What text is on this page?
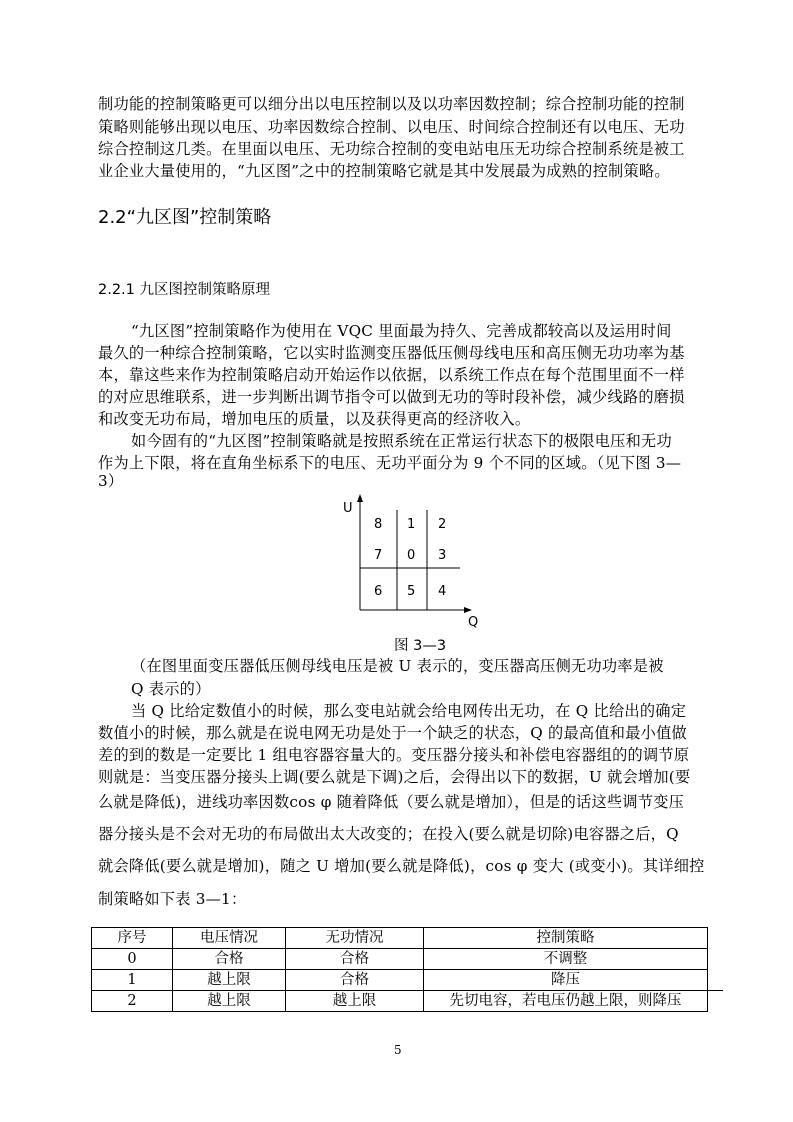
制功能的控制策略更可以细分出以电压控制以及以功率因数控制；综合控制功能的控制
策略则能够出现以电压、功率因数综合控制、以电压、时间综合控制还有以电压、无功
综合控制这几类。在里面以电压、无功综合控制的变电站电压无功综合控制系统是被工
业企业大量使用的，“九区图”之中的控制策略它就是其中发展最为成熟的控制策略。
2.2“九区图”控制策略
2.2.1 九区图控制策略原理
“九区图”控制策略作为使用在 VQC 里面最为持久、完善成都较高以及运用时间
最久的一种综合控制策略，它以实时监测变压器低压侧母线电压和高压侧无功功率为基
本，靠这些来作为控制策略启动开始运作以依据，以系统工作点在每个范围里面不一样
的对应思维联系，进一步判断出调节指令可以做到无功的等时段补偿，减少线路的磨损
和改变无功布局，增加电压的质量，以及获得更高的经济收入。
如今固有的“九区图”控制策略就是按照系统在正常运行状态下的极限电压和无功
作为上下限，将在直角坐标系下的电压、无功平面分为 9 个不同的区域。（见下图 3—
3）
U
Q
8 1 2
7 0 3
6 5 4
图 3—3
（在图里面变压器低压侧母线电压是被 U 表示的，变压器高压侧无功功率是被
Q 表示的）
当 Q 比给定数值小的时候，那么变电站就会给电网传出无功，在 Q 比给出的确定
数值小的时候，那么就是在说电网无功是处于一个缺乏的状态，Q 的最高值和最小值做
差的到的数是一定要比 1 组电容器容量大的。变压器分接头和补偿电容器组的的调节原
则就是：当变压器分接头上调(要么就是下调)之后，会得出以下的数据，U 就会增加(要
么就是降低)，进线功率因数cos φ 随着降低（要么就是增加），但是的话这些调节变压
器分接头是不会对无功的布局做出太大改变的；在投入(要么就是切除)电容器之后，Q
就会降低(要么就是增加)，随之 U 增加(要么就是降低)，cos φ 变大 (或变小)。其详细控
制策略如下表 3—1：
序号	电压情况	无功情况	控制策略
0	合格	合格	不调整
1	越上限	合格	降压
2	越上限	越上限	先切电容，若电压仍越上限，则降压
5
